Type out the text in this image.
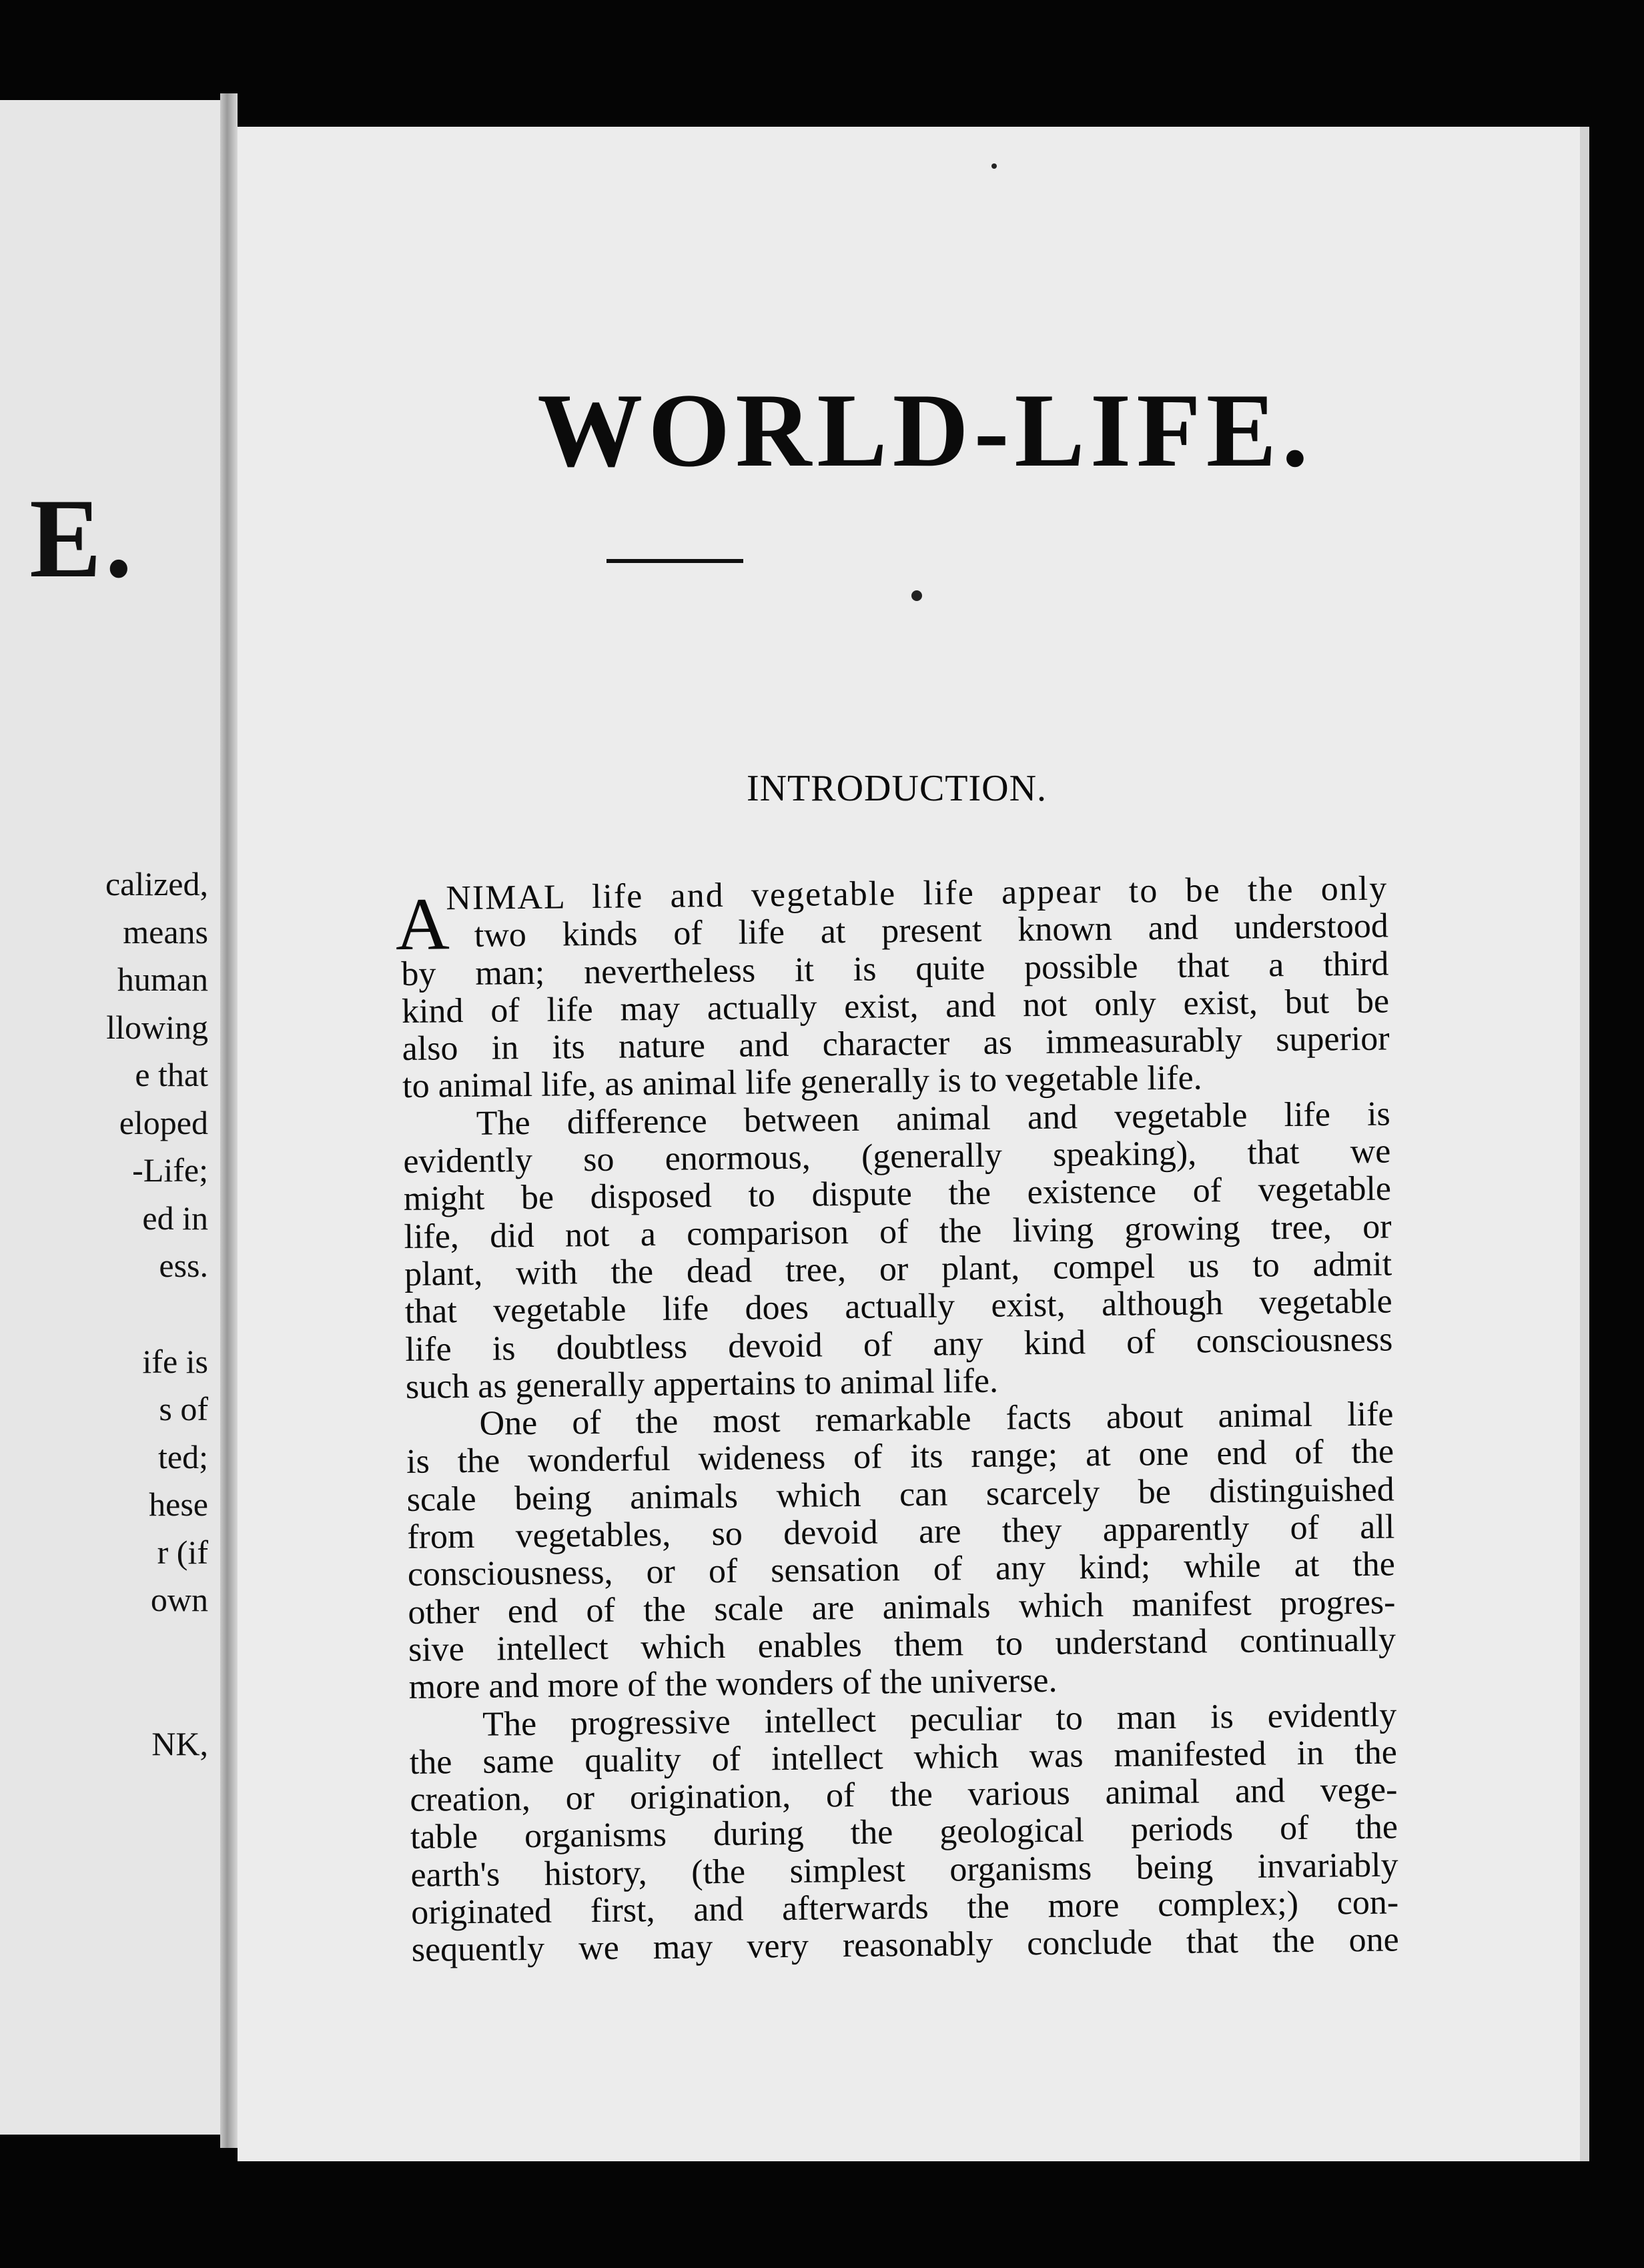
E.
calized,
means
human
llowing
e that
eloped
-Life;
ed in
ess.
ife is
s of
ted;
hese
r (if
own
NK,
WORLD-LIFE.
INTRODUCTION.
A
NIMAL life and vegetable life appear to be the only
two kinds of life at present known and understood
by man; nevertheless it is quite possible that a third
kind of life may actually exist, and not only exist, but be
also in its nature and character as immeasurably superior
to animal life, as animal life generally is to vegetable life.
The difference between animal and vegetable life is
evidently so enormous, (generally speaking), that we
might be disposed to dispute the existence of vegetable
life, did not a comparison of the living growing tree, or
plant, with the dead tree, or plant, compel us to admit
that vegetable life does actually exist, although vegetable
life is doubtless devoid of any kind of consciousness
such as generally appertains to animal life.
One of the most remarkable facts about animal life
is the wonderful wideness of its range; at one end of the
scale being animals which can scarcely be distinguished
from vegetables, so devoid are they apparently of all
consciousness, or of sensation of any kind; while at the
other end of the scale are animals which manifest progres-
sive intellect which enables them to understand continually
more and more of the wonders of the universe.
The progressive intellect peculiar to man is evidently
the same quality of intellect which was manifested in the
creation, or origination, of the various animal and vege-
table organisms during the geological periods of the
earth's history, (the simplest organisms being invariably
originated first, and afterwards the more complex;) con-
sequently we may very reasonably conclude that the one
